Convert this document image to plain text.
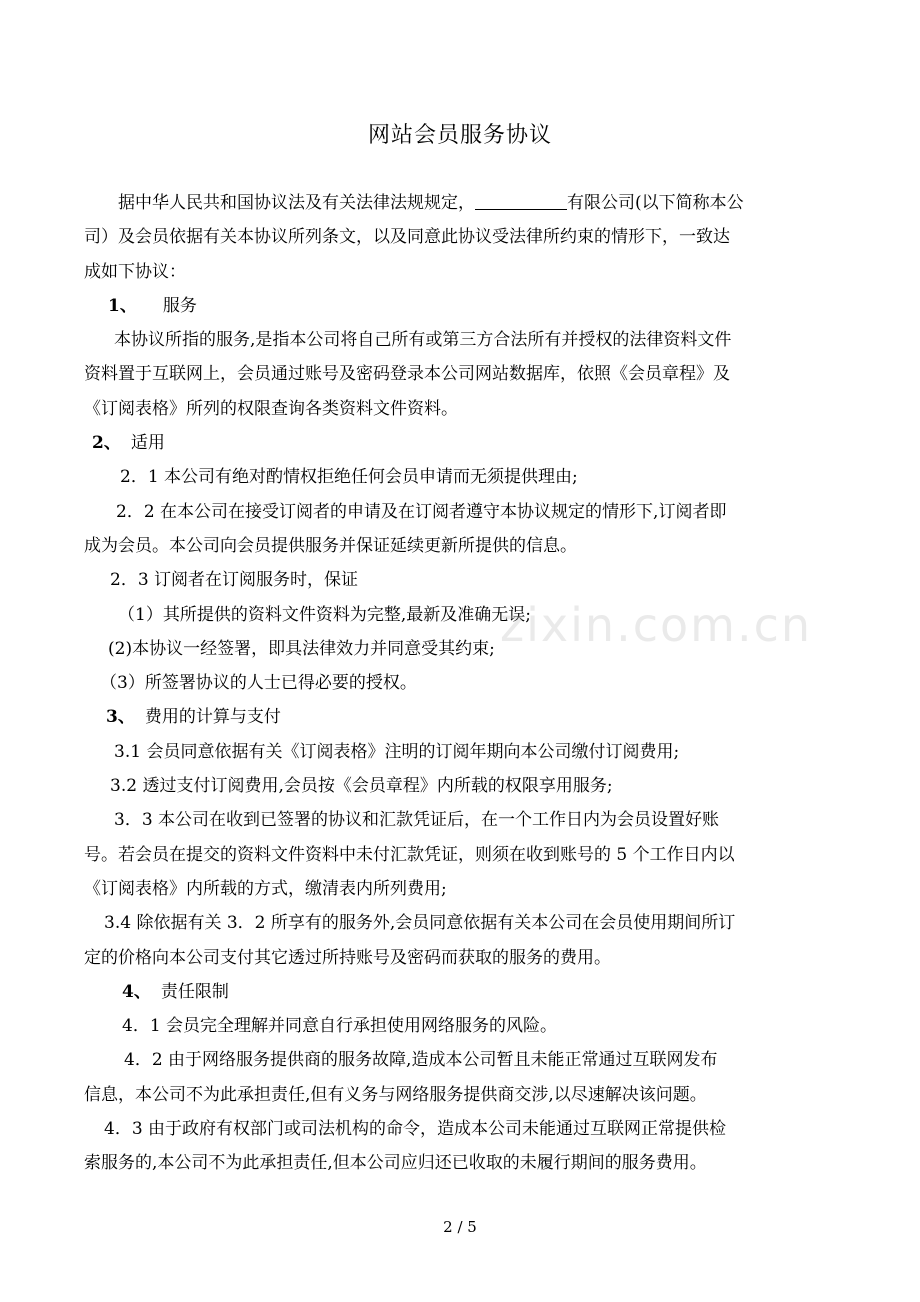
网站会员服务协议
据中华人民共和国协议法及有关法律法规规定，	有限公司(以下简称本公
司）及会员依据有关本协议所列条文，以及同意此协议受法律所约束的情形下，一致达
成如下协议：
1、 服务
本协议所指的服务,是指本公司将自己所有或第三方合法所有并授权的法律资料文件
资料置于互联网上，会员通过账号及密码登录本公司网站数据库，依照《会员章程》及
《订阅表格》所列的权限查询各类资料文件资料。
2、 适用
2．1 本公司有绝对酌情权拒绝任何会员申请而无须提供理由;
2．2 在本公司在接受订阅者的申请及在订阅者遵守本协议规定的情形下,订阅者即
成为会员。本公司向会员提供服务并保证延续更新所提供的信息。
2．3 订阅者在订阅服务时，保证
（1）其所提供的资料文件资料为完整,最新及准确无误;
(2)本协议一经签署，即具法律效力并同意受其约束;
（3）所签署协议的人士已得必要的授权。
3、 费用的计算与支付
3.1 会员同意依据有关《订阅表格》注明的订阅年期向本公司缴付订阅费用;
3.2 透过支付订阅费用,会员按《会员章程》内所载的权限享用服务;
3．3 本公司在收到已签署的协议和汇款凭证后，在一个工作日内为会员设置好账
号。若会员在提交的资料文件资料中未付汇款凭证，则须在收到账号的 5 个工作日内以
《订阅表格》内所载的方式，缴清表内所列费用;
3.4 除依据有关 3．2 所享有的服务外,会员同意依据有关本公司在会员使用期间所订
定的价格向本公司支付其它透过所持账号及密码而获取的服务的费用。
4、 责任限制
4．1 会员完全理解并同意自行承担使用网络服务的风险。
4．2 由于网络服务提供商的服务故障,造成本公司暂且未能正常通过互联网发布
信息，本公司不为此承担责任,但有义务与网络服务提供商交涉,以尽速解决该问题。
4．3 由于政府有权部门或司法机构的命令，造成本公司未能通过互联网正常提供检
索服务的,本公司不为此承担责任,但本公司应归还已收取的未履行期间的服务费用。
zixin.com.cn
2 / 5
